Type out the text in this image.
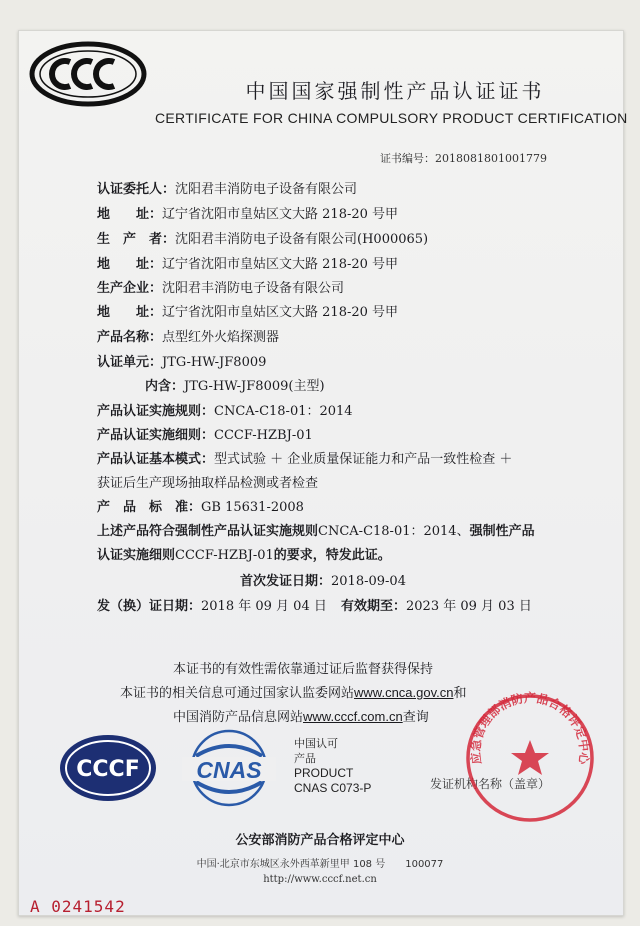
中国国家强制性产品认证证书
CERTIFICATE FOR CHINA COMPULSORY PRODUCT CERTIFICATION
证书编号：2018081801001779
认证委托人：沈阳君丰消防电子设备有限公司
地　　址：辽宁省沈阳市皇姑区文大路 218-20 号甲
生　产　者：沈阳君丰消防电子设备有限公司(H000065)
地　　址：辽宁省沈阳市皇姑区文大路 218-20 号甲
生产企业：沈阳君丰消防电子设备有限公司
地　　址：辽宁省沈阳市皇姑区文大路 218-20 号甲
产品名称：点型红外火焰探测器
认证单元：JTG-HW-JF8009
内含：JTG-HW-JF8009(主型)
产品认证实施规则：CNCA-C18-01：2014
产品认证实施细则：CCCF-HZBJ-01
产品认证基本模式：型式试验 ＋ 企业质量保证能力和产品一致性检查 ＋
获证后生产现场抽取样品检测或者检查
产　品　标　准：GB 15631-2008
上述产品符合强制性产品认证实施规则CNCA-C18-01：2014、强制性产品
认证实施细则CCCF-HZBJ-01的要求，特发此证。
首次发证日期：2018-09-04
发（换）证日期：2018 年 09 月 04 日 有效期至：2023 年 09 月 03 日
本证书的有效性需依靠通过证后监督获得保持
本证书的相关信息可通过国家认监委网站www.cnca.gov.cn和
中国消防产品信息网站www.cccf.com.cn查询
CCCF CNAS
中国认可
产品
PRODUCT
CNAS C073-P	发证机构名称（盖章）
应急管理部消防产品合格评定中心
公安部消防产品合格评定中心
中国·北京市东城区永外西革新里甲 108 号　　100077
http://www.cccf.net.cn
A 0241542
